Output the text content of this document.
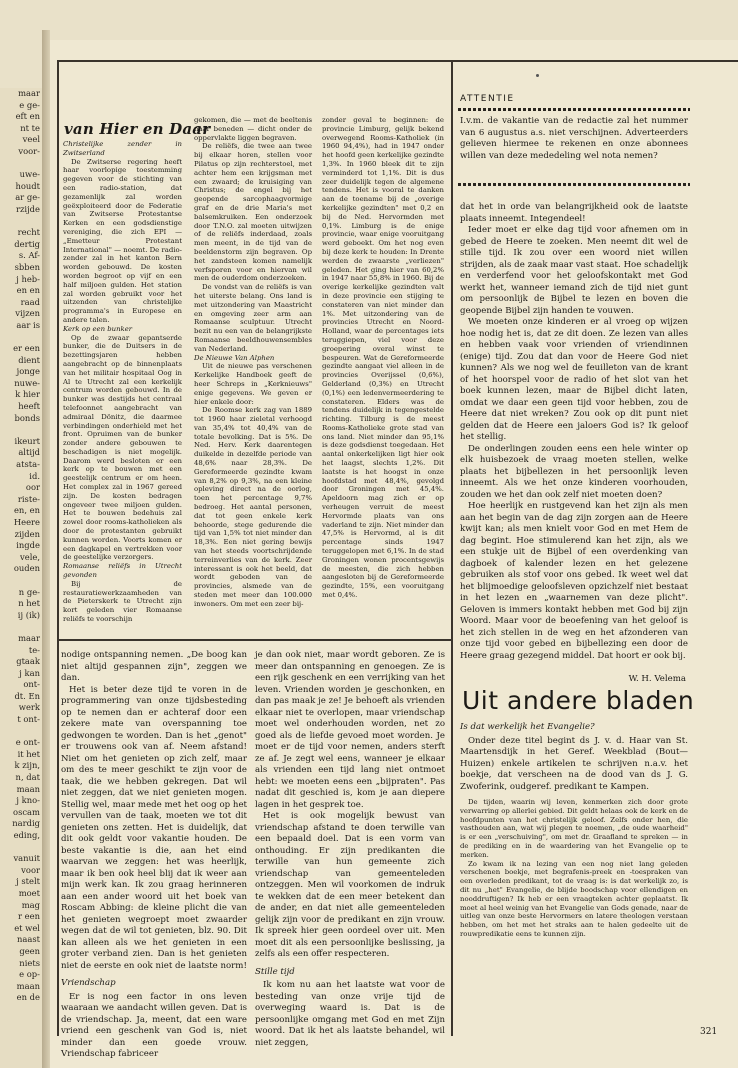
maar
e ge-
eft en
nt te
veel
voor-

uwe-
houdt
ar ge-
rzijde

recht
dertig
s. Af-
sbben
j heb-
en en
raad
vijzen
aar is

er een
dient
jonge
nuwe-
k hier
heeft
bonds

ikeurt
altijd
atsta-
id.
oor
riste-
en, en
Heere
zijden
ingde
vele,
ouden

n ge-
n het
ij (ik)

maar
te-
gtaak
j kan
ont-
dt. En
werk
t ont-

e ont-
it het
k zijn,
n, dat
maan
j kno-
oscam
nardig
eding,

vanuit
voor
j stelt
moet
mag
r een
et wel
naast
geen
niets
e op-
maan
en de
van Hier en Daar

Christelijke zender in Zwitserland

De Zwitserse regering heeft haar voorlopige toestemming gegeven voor de stichting van een radio-station, dat gezamenlijk zal worden geëxploiteerd door de Federatie van Zwitserse Protestantse Kerken en een godsdienstige vereniging, die zich EPI — „Emetteur Protestant International" — noemt. De radio-zender zal in het kanton Bern worden gebouwd. De kosten worden begroot op vijf en een half miljoen gulden. Het station zal worden gebruikt voor het uitzenden van christelijke programma's in Europese en andere talen.

Kerk op een bunker

Op de zwaar gepantserde bunker, die de Duitsers in de bezettingsjaren hebben aangebracht op de binnenplaats van het militair hospitaal Oog in Al te Utrecht zal een kerkelijk centrum worden gebouwd. In de bunker was destijds het centraal telefoonnet aangebracht van admiraal Dönitz, die daarmee verbindingen onderhield met het front. Opruimen van de bunker zonder andere gebouwen te beschadigen is niet mogelijk. Daarom werd besloten er een kerk op te bouwen met een geestelijk centrum er om heen. Het complex zal in 1967 gereed zijn. De kosten bedragen ongeveer twee miljoen gulden. Het te bouwen bedehuis zal zowel door rooms-katholieken als door de protestanten gebruikt kunnen worden. Voorts komen er een dagkapel en vertrekken voor de geestelijke verzorgers.

Romaanse reliëfs in Utrecht gevonden

Bij de restauratiewerkzaamheden van de Pieterskerk te Utrecht zijn kort geleden vier Romaanse reliëfs te voorschijn

gekomen, die — met de beeltenis naar beneden — dicht onder de oppervlakte liggen begraven.

De reliëfs, die twee aan twee bij elkaar horen, stellen voor Pilatus op zijn rechterstoel, met achter hem een krijgsman met een zwaard; de kruisiging van Christus; de engel bij het geopende sarcophaagvormige graf en de drie Maria's met balsemkruiken. Een onderzoek door T.N.O. zal moeten uitwijzen of de reliëfs inderdaad, zoals men meent, in de tijd van de beeldenstorm zijn begraven. Op het zandsteen komen namelijk verfsporen voor en hiervan wil men de ouderdom onderzoeken.

De vondst van de reliëfs is van het uiterste belang. Ons land is met uitzondering van Maastricht en omgeving zeer arm aan Romaanse sculptuur. Utrecht bezit nu een van de belangrijkste Romaanse beeldhouwensembles van Nederland.

De Nieuwe Van Alphen

Uit de nieuwe pas verschenen Kerkelijke Handboek geeft de heer Schreps in „Kerknieuws" enige gegevens. We geven er hier enkele door:

De Roomse kerk zag van 1889 tot 1960 haar zieletal verhoogd van 35,4% tot 40,4% van de totale bevolking. Dat is 5%. De Ned. Herv. Kerk daarentegen duikelde in dezelfde periode van 48,6% naar 28,3%. De Gereformeerde gezindte kwam van 8,2% op 9,3%, na een kleine opleving direct na de oorlog, toen het percentage 9,7% bedroeg. Het aantal personen, dat tot geen enkele kerk behoorde, stege gedurende die tijd van 1,5% tot niet minder dan 18,3%. Een niet gering bewijs van het steeds voortschrijdende terreinverlies van de kerk. Zeer interessant is ook het beeld, dat wordt geboden van de provincies, alsmede van de steden met meer dan 100.000 inwoners. Om met een zeer bij-

zonder geval te beginnen: de provincie Limburg, gelijk bekend overwegend Rooms-Katholiek (in 1960 94,4%), had in 1947 onder het hoofd geen kerkelijke gezindte 1,3%. In 1960 bleek dit te zijn verminderd tot 1,1%. Dit is dus zeer duidelijk tegen de algemene tendens. Het is vooral te danken aan de toename bij de „overige kerkelijke gezindten" met 0,2 en bij de Ned. Hervormden met 0,1%. Limburg is de enige provincie, waar enige vooruitgang werd geboekt. Om het nog even bij deze kerk te houden: In Drente werden de zwaarste „verliezen" geleden. Het ging hier van 60,2% in 1947 naar 55,8% in 1960. Bij de overige kerkelijke gezindten valt in deze provincie een stijging te constateren van niet minder dan 1%. Met uitzondering van de provincies Utrecht en Noord-Holland, waar de percentages iets teruggiepen, viel voor deze groepering overal winst te bespeuren. Wat de Gereformeerde gezindte aangaat viel alleen in de provincies Overijssel (0,6%), Gelderland (0,3%) en Utrecht (0,1%) een ledenvermeerdering te constateren. Elders was de tendens duidelijk in tegengestelde richting. Tilburg is de meest Rooms-Katholieke grote stad van ons land. Niet minder dan 95,1% is deze godsdienst toegedaan. Het aantal onkerkelijken ligt hier ook het laagst, slechts 1,2%. Dit laatste is het hoogst in onze hoofdstad met 48,4%, gevolgd door Groningen met 45,4%. Apeldoorn mag zich er op verheugen verruit de meest Hervormde plaats van ons vaderland te zijn. Niet minder dan 47,5% is Hervormd, al is dit percentage sinds 1947 teruggelopen met 6,1%. In de stad Groningen wonen procentsgewijs de meesten, die zich hebben aangesloten bij de Gereformeerde gezindte, 15%, een vooruitgang met 0,4%.

nodige ontspanning nemen. „De boog kan niet altijd gespannen zijn", zeggen we dan.

Het is beter deze tijd te voren in de programmering van onze tijdsbesteding op te nemen dan er achteraf door een zekere mate van overspanning toe gedwongen te worden. Dan is het „genot" er trouwens ook van af. Neem afstand! Niet om het genieten op zich zelf, maar om des te meer geschikt te zijn voor de taak, die we hebben gekregen. Dat wil niet zeggen, dat we niet genieten mogen. Stellig wel, maar mede met het oog op het vervullen van de taak, moeten we tot dit genieten ons zetten. Het is duidelijk, dat dit ook geldt voor vakantie houden. De beste vakantie is die, aan het eind waarvan we zeggen: het was heerlijk, maar ik ben ook heel blij dat ik weer aan mijn werk kan. Ik zou graag herinneren aan een ander woord uit het boek van Roscam Abbing: de kleine plicht die van het genieten wegroept moet zwaarder wegen dat de wil tot genieten, blz. 90. Dit kan alleen als we het genieten in een groter verband zien. Dan is het genieten niet de eerste en ook niet de laatste norm!

Vriendschap

Er is nog een factor in ons leven waaraan we aandacht willen geven. Dat is de vriendschap. Ja, meent, dat een ware vriend een geschenk van God is, niet minder dan een goede vrouw. Vriendschap fabriceer

je dan ook niet, maar wordt geboren. Ze is meer dan ontspanning en genoegen. Ze is een rijk geschenk en een verrijking van het leven. Vrienden worden je geschonken, en dan pas maak je ze! Je behoeft als vrienden elkaar niet te overlopen, maar vriendschap moet wel onderhouden worden, net zo goed als de liefde gevoed moet worden. Je moet er de tijd voor nemen, anders sterft ze af. Je zegt wel eens, wanneer je elkaar als vrienden een tijd lang niet ontmoet hebt: we moeten eens een „bijpraten". Pas nadat dit geschied is, kom je aan diepere lagen in het gesprek toe.

Het is ook mogelijk bewust van vriendschap afstand te doen terwille van een bepaald doel. Dat is een vorm van onthouding. Er zijn predikanten die terwille van hun gemeente zich vriendschap van gemeenteleden ontzeggen. Men wil voorkomen de indruk te wekken dat de een meer betekent dan de ander, en dat niet alle gemeenteleden gelijk zijn voor de predikant en zijn vrouw. Ik spreek hier geen oordeel over uit. Men moet dit als een persoonlijke beslissing, ja zelfs als een offer respecteren.

Stille tijd

Ik kom nu aan het laatste wat voor de besteding van onze vrije tijd de overweging waard is. Dat is de persoonlijke omgang met God en met Zijn woord. Dat ik het als laatste behandel, wil niet zeggen,

ATTENTIE

I.v.m. de vakantie van de redactie zal het nummer van 6 augustus a.s. niet verschijnen. Adverteerders gelieven hiermee te rekenen en onze abonnees willen van deze mededeling wel nota nemen?

dat het in orde van belangrijkheid ook de laatste plaats inneemt. Integendeel!

Ieder moet er elke dag tijd voor afnemen om in gebed de Heere te zoeken. Men neemt dit wel de stille tijd. Ik zou over een woord niet willen strijden, als de zaak maar vast staat. Hoe schadelijk en verderfend voor het geloofskontakt met God werkt het, wanneer iemand zich de tijd niet gunt om persoonlijk de Bijbel te lezen en boven die geopende Bijbel zijn handen te vouwen.

We moeten onze kinderen er al vroeg op wijzen hoe nodig het is, dat ze dit doen. Ze lezen van alles en hebben vaak voor vrienden of vriendinnen (enige) tijd. Zou dat dan voor de Heere God niet kunnen? Als we nog wel de feuilleton van de krant of het hoorspel voor de radio of het slot van het boek kunnen lezen, maar de Bijbel dicht laten, omdat we daar een geen tijd voor hebben, zou de Heere dat niet wreken? Zou ook op dit punt niet gelden dat de Heere een jaloers God is? Ik geloof het stellig.

De onderlingen zouden eens een hele winter op elk huisbezoek de vraag moeten stellen, welke plaats het bijbellezen in het persoonlijk leven inneemt. Als we het onze kinderen voorhouden, zouden we het dan ook zelf niet moeten doen?

Hoe heerlijk en rustgevend kan het zijn als men aan het begin van de dag zijn zorgen aan de Heere kwijt kan; als men knielt voor God en met Hem de dag begint. Hoe stimulerend kan het zijn, als we een stukje uit de Bijbel of een overdenking van dagboek of kalender lezen en het gelezene gebruiken als stof voor ons gebed. Ik weet wel dat het blijmoedige geloofsleven opzichzelf niet bestaat in het lezen en „waarnemen van deze plicht". Geloven is immers kontakt hebben met God bij zijn Woord. Maar voor de beoefening van het geloof is het zich stellen in de weg en het afzonderen van onze tijd voor gebed en bijbellezing een door de Heere graag gezegend middel. Dat hoort er ook bij.

W. H. Velema
Uit andere bladen

Is dat werkelijk het Evangelie?

Onder deze titel begint ds J. v. d. Haar van St. Maartensdijk in het Geref. Weekblad (Bout—Huizen) enkele artikelen te schrijven n.a.v. het boekje, dat verscheen na de dood van ds J. G. Zwoferink, oudgeref. predikant te Kampen.

De tijden, waarin wij leven, kenmerken zich door grote verwarring op allerlei gebied. Dit geldt helaas ook de kerk en de hoofdpunten van het christelijk geloof. Zelfs onder hen, die vasthouden aan, wat wij plegen te noemen, „de oude waarheid" is er een „verschuiving", om met dr. Graafland te spreken — in de prediking en in de waardering van het Evangelie op te merken.

Zo kwam ik na lezing van een nog niet lang geleden verschenen boekje, met begrafenis-preek en -toespraken van een overleden predikant, tot de vraag is: is dat werkelijk zo, is dit nu „het" Evangelie, de blijde boodschap voor ellendigen en nooddruftigen? Ik heb er een vraagteken achter geplaatst. Ik moet al heel weinig van het Evangelie van Gods genade, naar de uitleg van onze beste Hervormers en latere theologen verstaan hebben, om het met het straks aan te halen gedeelte uit de rouwpredikatie eens te kunnen zijn.

321
